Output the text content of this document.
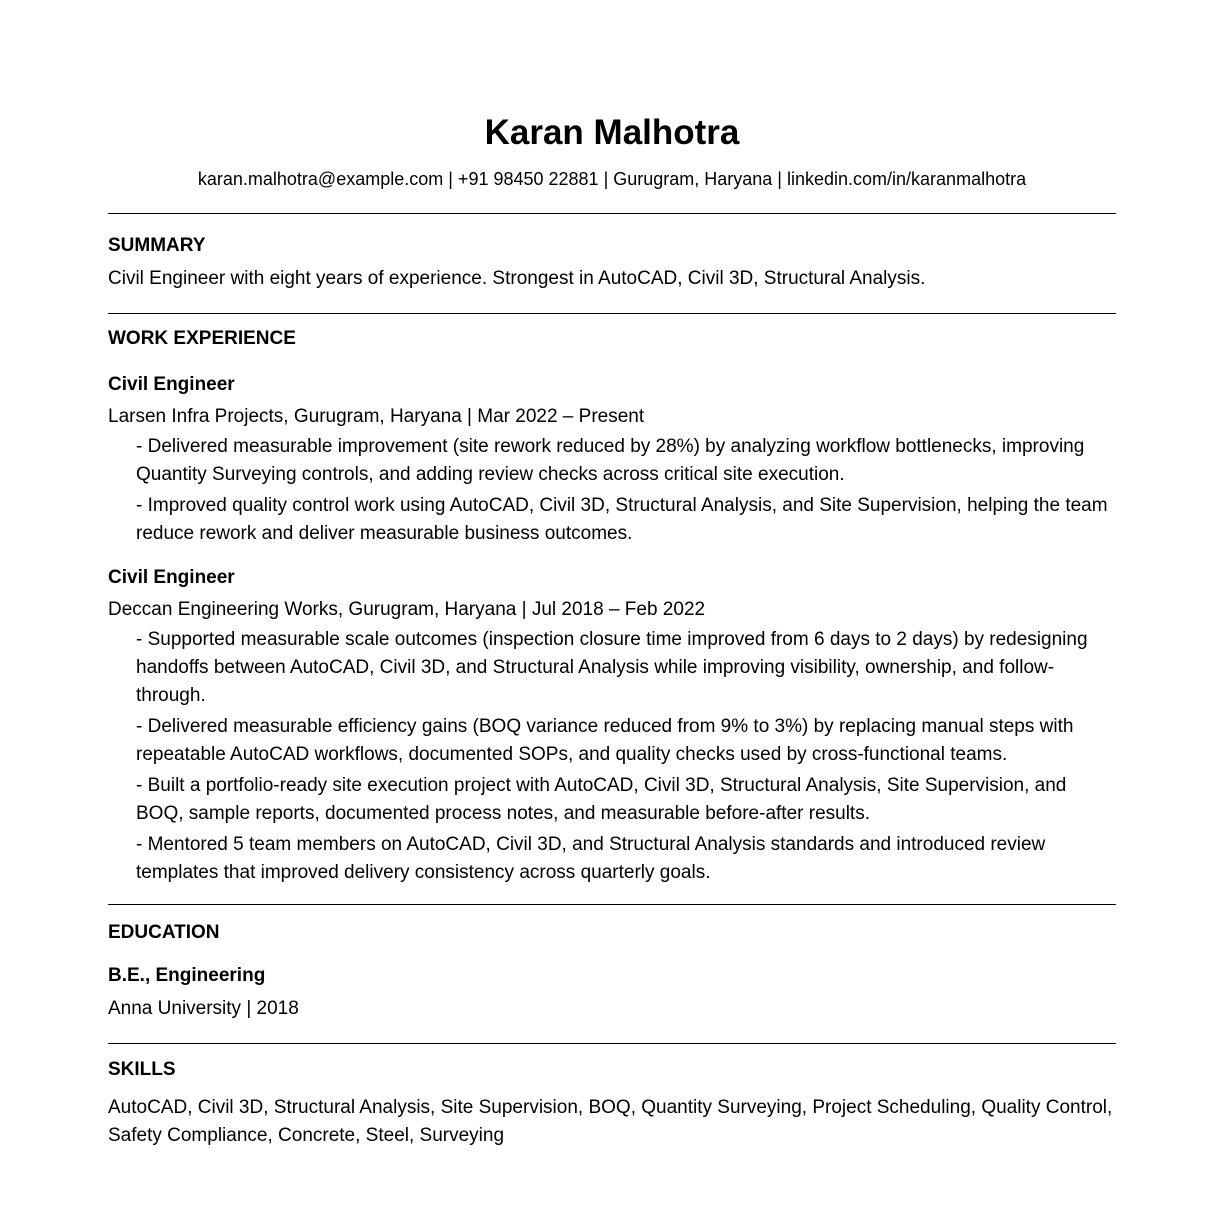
Karan Malhotra
karan.malhotra@example.com | +91 98450 22881 | Gurugram, Haryana | linkedin.com/in/karanmalhotra
SUMMARY
Civil Engineer with eight years of experience. Strongest in AutoCAD, Civil 3D, Structural Analysis.
WORK EXPERIENCE
Civil Engineer
Larsen Infra Projects, Gurugram, Haryana | Mar 2022 – Present
- Delivered measurable improvement (site rework reduced by 28%) by analyzing workflow bottlenecks, improving Quantity Surveying controls, and adding review checks across critical site execution.
- Improved quality control work using AutoCAD, Civil 3D, Structural Analysis, and Site Supervision, helping the team reduce rework and deliver measurable business outcomes.
Civil Engineer
Deccan Engineering Works, Gurugram, Haryana | Jul 2018 – Feb 2022
- Supported measurable scale outcomes (inspection closure time improved from 6 days to 2 days) by redesigning handoffs between AutoCAD, Civil 3D, and Structural Analysis while improving visibility, ownership, and follow-through.
- Delivered measurable efficiency gains (BOQ variance reduced from 9% to 3%) by replacing manual steps with repeatable AutoCAD workflows, documented SOPs, and quality checks used by cross-functional teams.
- Built a portfolio-ready site execution project with AutoCAD, Civil 3D, Structural Analysis, Site Supervision, and BOQ, sample reports, documented process notes, and measurable before-after results.
- Mentored 5 team members on AutoCAD, Civil 3D, and Structural Analysis standards and introduced review templates that improved delivery consistency across quarterly goals.
EDUCATION
B.E., Engineering
Anna University | 2018
SKILLS
AutoCAD, Civil 3D, Structural Analysis, Site Supervision, BOQ, Quantity Surveying, Project Scheduling, Quality Control, Safety Compliance, Concrete, Steel, Surveying
